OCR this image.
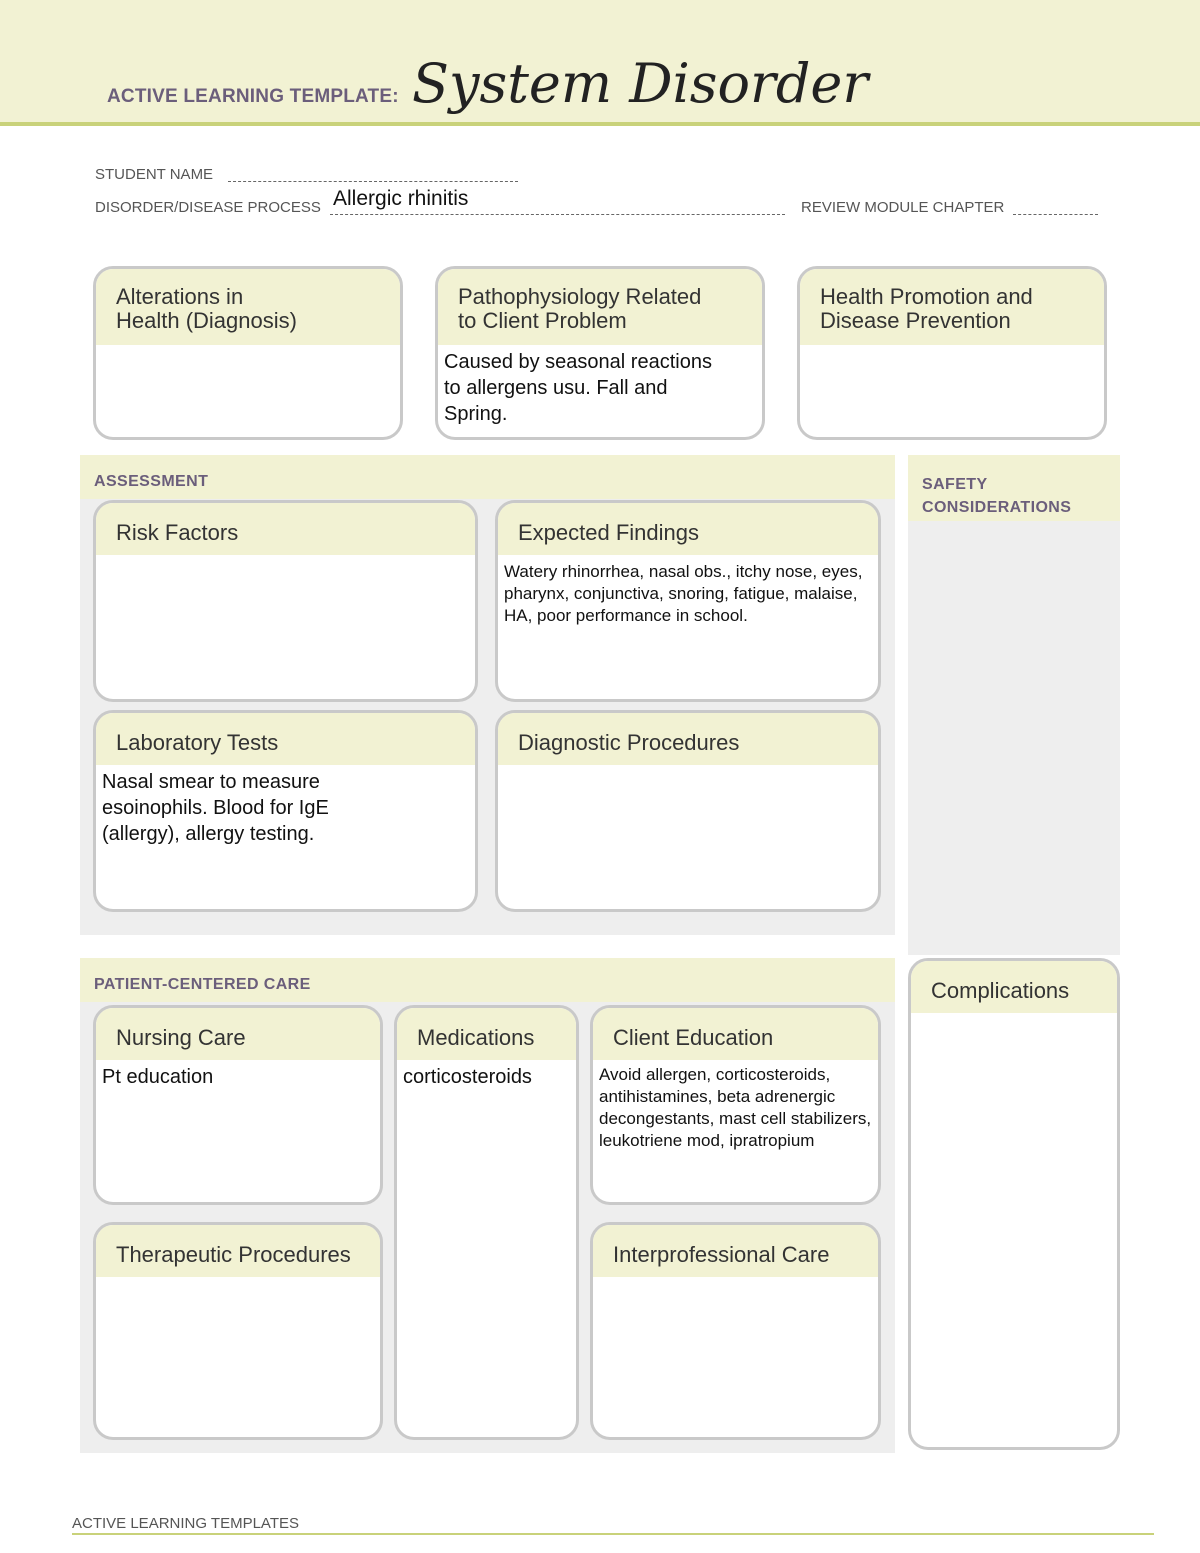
ACTIVE LEARNING TEMPLATE: System Disorder
STUDENT NAME
DISORDER/DISEASE PROCESS Allergic rhinitis	REVIEW MODULE CHAPTER
Alterations in
Health (Diagnosis)
Pathophysiology Related
to Client Problem
Caused by seasonal reactions to allergens usu. Fall and Spring.
Health Promotion and
Disease Prevention
ASSESSMENT
Risk Factors	Expected Findings
Watery rhinorrhea, nasal obs., itchy nose, eyes, pharynx, conjunctiva, snoring, fatigue, malaise, HA, poor performance in school.
Laboratory Tests
Nasal smear to measure esoinophils. Blood for IgE (allergy), allergy testing.
Diagnostic Procedures
SAFETY
CONSIDERATIONS
Complications
PATIENT-CENTERED CARE
Nursing Care
Pt education
Medications
corticosteroids
Client Education
Avoid allergen, corticosteroids, antihistamines, beta adrenergic decongestants, mast cell stabilizers, leukotriene mod, ipratropium
Therapeutic Procedures	Interprofessional Care
ACTIVE LEARNING TEMPLATES
